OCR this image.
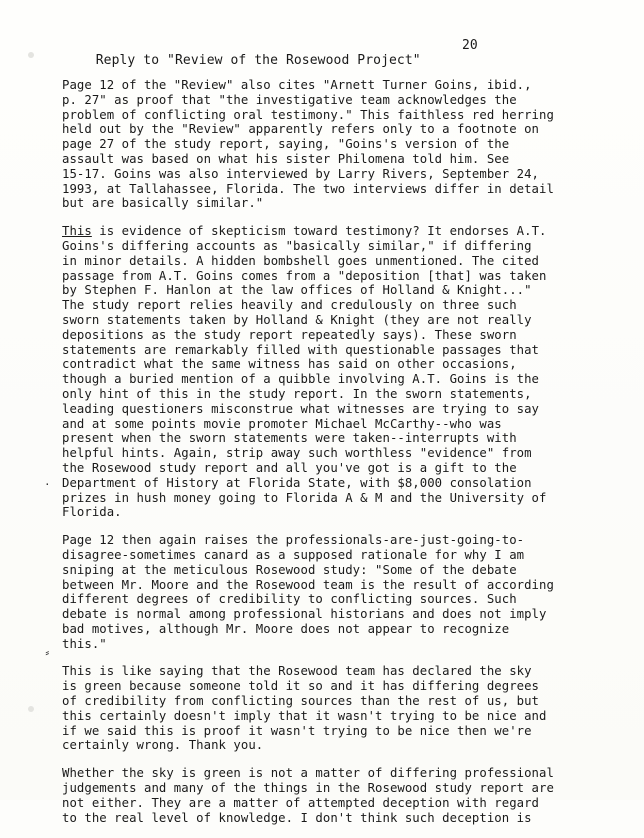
·
⸗

Reply to "Review of the Rosewood Project"

20

Page 12 of the "Review" also cites "Arnett Turner Goins, ibid.,
p. 27" as proof that "the investigative team acknowledges the
problem of conflicting oral testimony." This faithless red herring
held out by the "Review" apparently refers only to a footnote on
page 27 of the study report, saying, "Goins's version of the
assault was based on what his sister Philomena told him. See
15-17. Goins was also interviewed by Larry Rivers, September 24,
1993, at Tallahassee, Florida. The two interviews differ in detail
but are basically similar."

This is evidence of skepticism toward testimony? It endorses A.T.
Goins's differing accounts as "basically similar," if differing
in minor details. A hidden bombshell goes unmentioned. The cited
passage from A.T. Goins comes from a "deposition [that] was taken
by Stephen F. Hanlon at the law offices of Holland & Knight..."
The study report relies heavily and credulously on three such
sworn statements taken by Holland & Knight (they are not really
depositions as the study report repeatedly says). These sworn
statements are remarkably filled with questionable passages that
contradict what the same witness has said on other occasions,
though a buried mention of a quibble involving A.T. Goins is the
only hint of this in the study report. In the sworn statements,
leading questioners misconstrue what witnesses are trying to say
and at some points movie promoter Michael McCarthy--who was
present when the sworn statements were taken--interrupts with
helpful hints. Again, strip away such worthless "evidence" from
the Rosewood study report and all you've got is a gift to the
Department of History at Florida State, with $8,000 consolation
prizes in hush money going to Florida A & M and the University of
Florida.

Page 12 then again raises the professionals-are-just-going-to-
disagree-sometimes canard as a supposed rationale for why I am
sniping at the meticulous Rosewood study: "Some of the debate
between Mr. Moore and the Rosewood team is the result of according
different degrees of credibility to conflicting sources. Such
debate is normal among professional historians and does not imply
bad motives, although Mr. Moore does not appear to recognize
this."

This is like saying that the Rosewood team has declared the sky
is green because someone told it so and it has differing degrees
of credibility from conflicting sources than the rest of us, but
this certainly doesn't imply that it wasn't trying to be nice and
if we said this is proof it wasn't trying to be nice then we're
certainly wrong. Thank you.

Whether the sky is green is not a matter of differing professional
judgements and many of the things in the Rosewood study report are
not either. They are a matter of attempted deception with regard
to the real level of knowledge. I don't think such deception is
